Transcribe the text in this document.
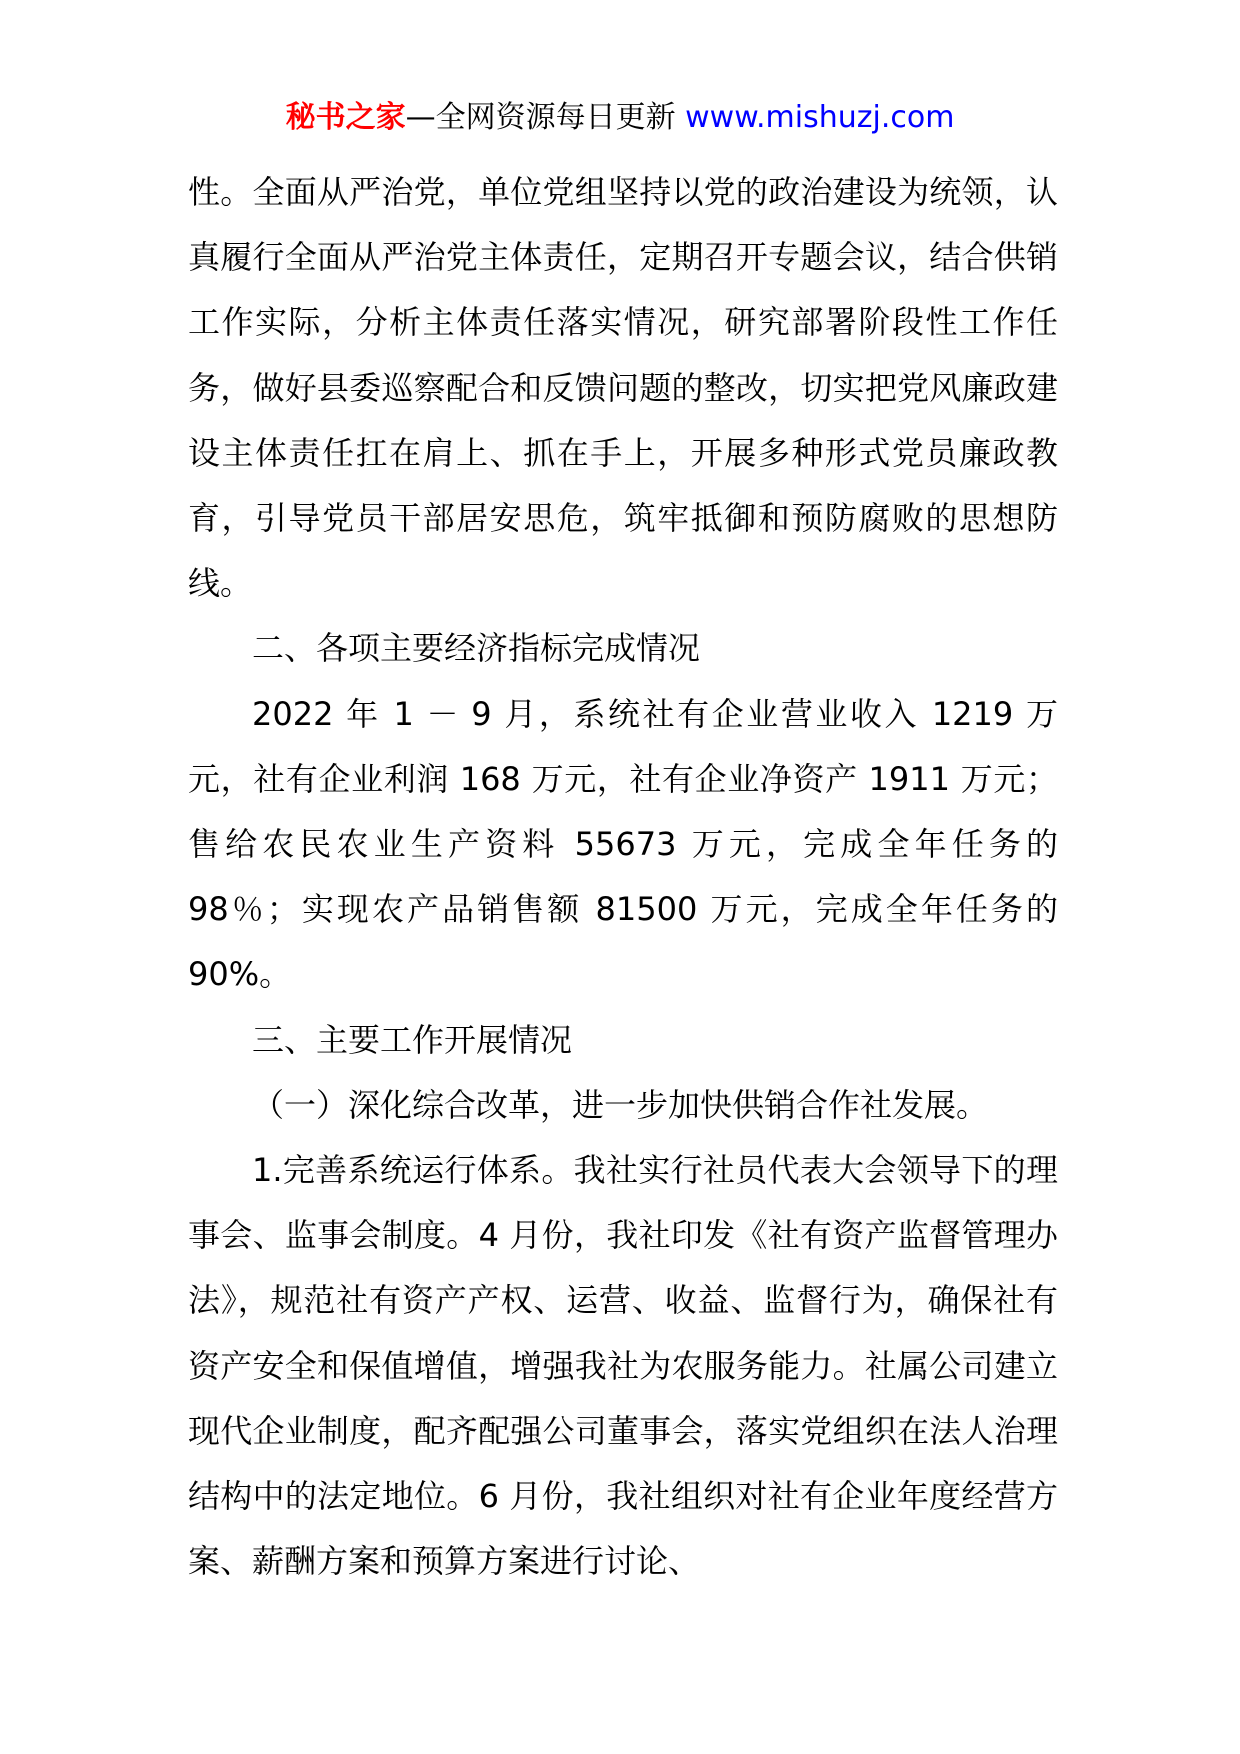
秘书之家—全网资源每日更新 www.mishuzj.com

性。全面从严治党，单位党组坚持以党的政治建设为统领，认真履行全面从严治党主体责任，定期召开专题会议，结合供销工作实际，分析主体责任落实情况，研究部署阶段性工作任务，做好县委巡察配合和反馈问题的整改，切实把党风廉政建设主体责任扛在肩上、抓在手上，开展多种形式党员廉政教育，引导党员干部居安思危，筑牢抵御和预防腐败的思想防线。

二、各项主要经济指标完成情况

2022 年 1 － 9 月，系统社有企业营业收入 1219 万元，社有企业利润 168 万元，社有企业净资产 1911 万元；售给农民农业生产资料 55673 万元，完成全年任务的 98％；实现农产品销售额 81500 万元，完成全年任务的 90%。

三、主要工作开展情况

（一）深化综合改革，进一步加快供销合作社发展。

1.完善系统运行体系。我社实行社员代表大会领导下的理事会、监事会制度。4 月份，我社印发《社有资产监督管理办法》，规范社有资产产权、运营、收益、监督行为，确保社有资产安全和保值增值，增强我社为农服务能力。社属公司建立现代企业制度，配齐配强公司董事会，落实党组织在法人治理结构中的法定地位。6 月份，我社组织对社有企业年度经营方案、薪酬方案和预算方案进行讨论、
